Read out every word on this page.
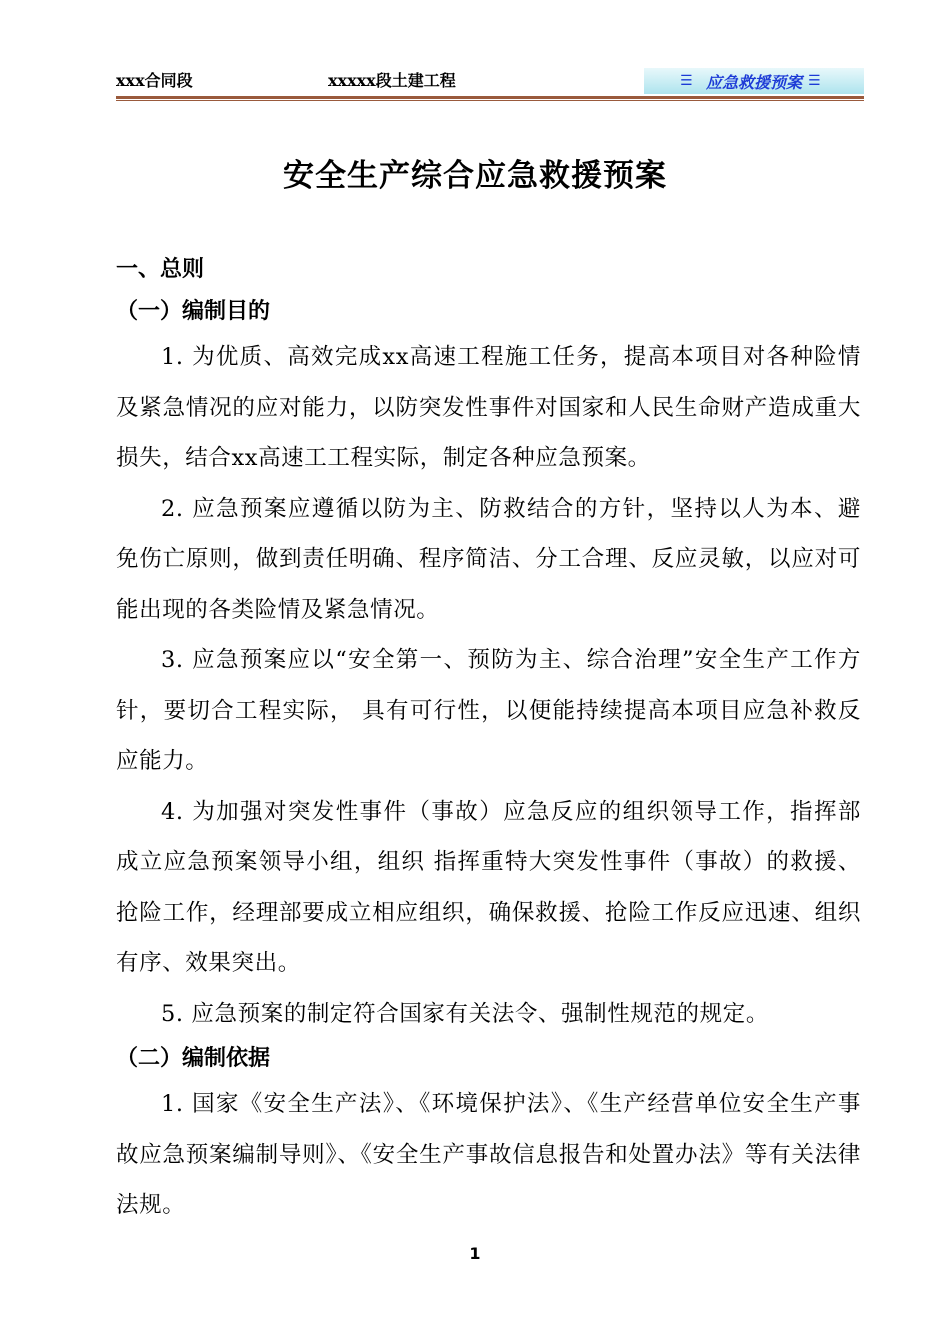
xxx合同段	xxxxx段土建工程	☰ 应急救援预案 ☰
安全生产综合应急救援预案
一、总则
（一）编制目的

1. 为优质、高效完成xx高速工程施工任务，提高本项目对各种险情及紧急情况的应对能力，以防突发性事件对国家和人民生命财产造成重大损失，结合xx高速工工程实际，制定各种应急预案。

2. 应急预案应遵循以防为主、防救结合的方针，坚持以人为本、避免伤亡原则，做到责任明确、程序简洁、分工合理、反应灵敏，以应对可能出现的各类险情及紧急情况。

3. 应急预案应以“安全第一、预防为主、综合治理”安全生产工作方针，要切合工程实际， 具有可行性，以便能持续提高本项目应急补救反应能力。

4. 为加强对突发性事件（事故）应急反应的组织领导工作，指挥部成立应急预案领导小组，组织 指挥重特大突发性事件（事故）的救援、抢险工作，经理部要成立相应组织，确保救援、抢险工作反应迅速、组织有序、效果突出。

5. 应急预案的制定符合国家有关法令、强制性规范的规定。

（二）编制依据

1. 国家《安全生产法》、《环境保护法》、《生产经营单位安全生产事故应急预案编制导则》、《安全生产事故信息报告和处置办法》等有关法律法规。

1
